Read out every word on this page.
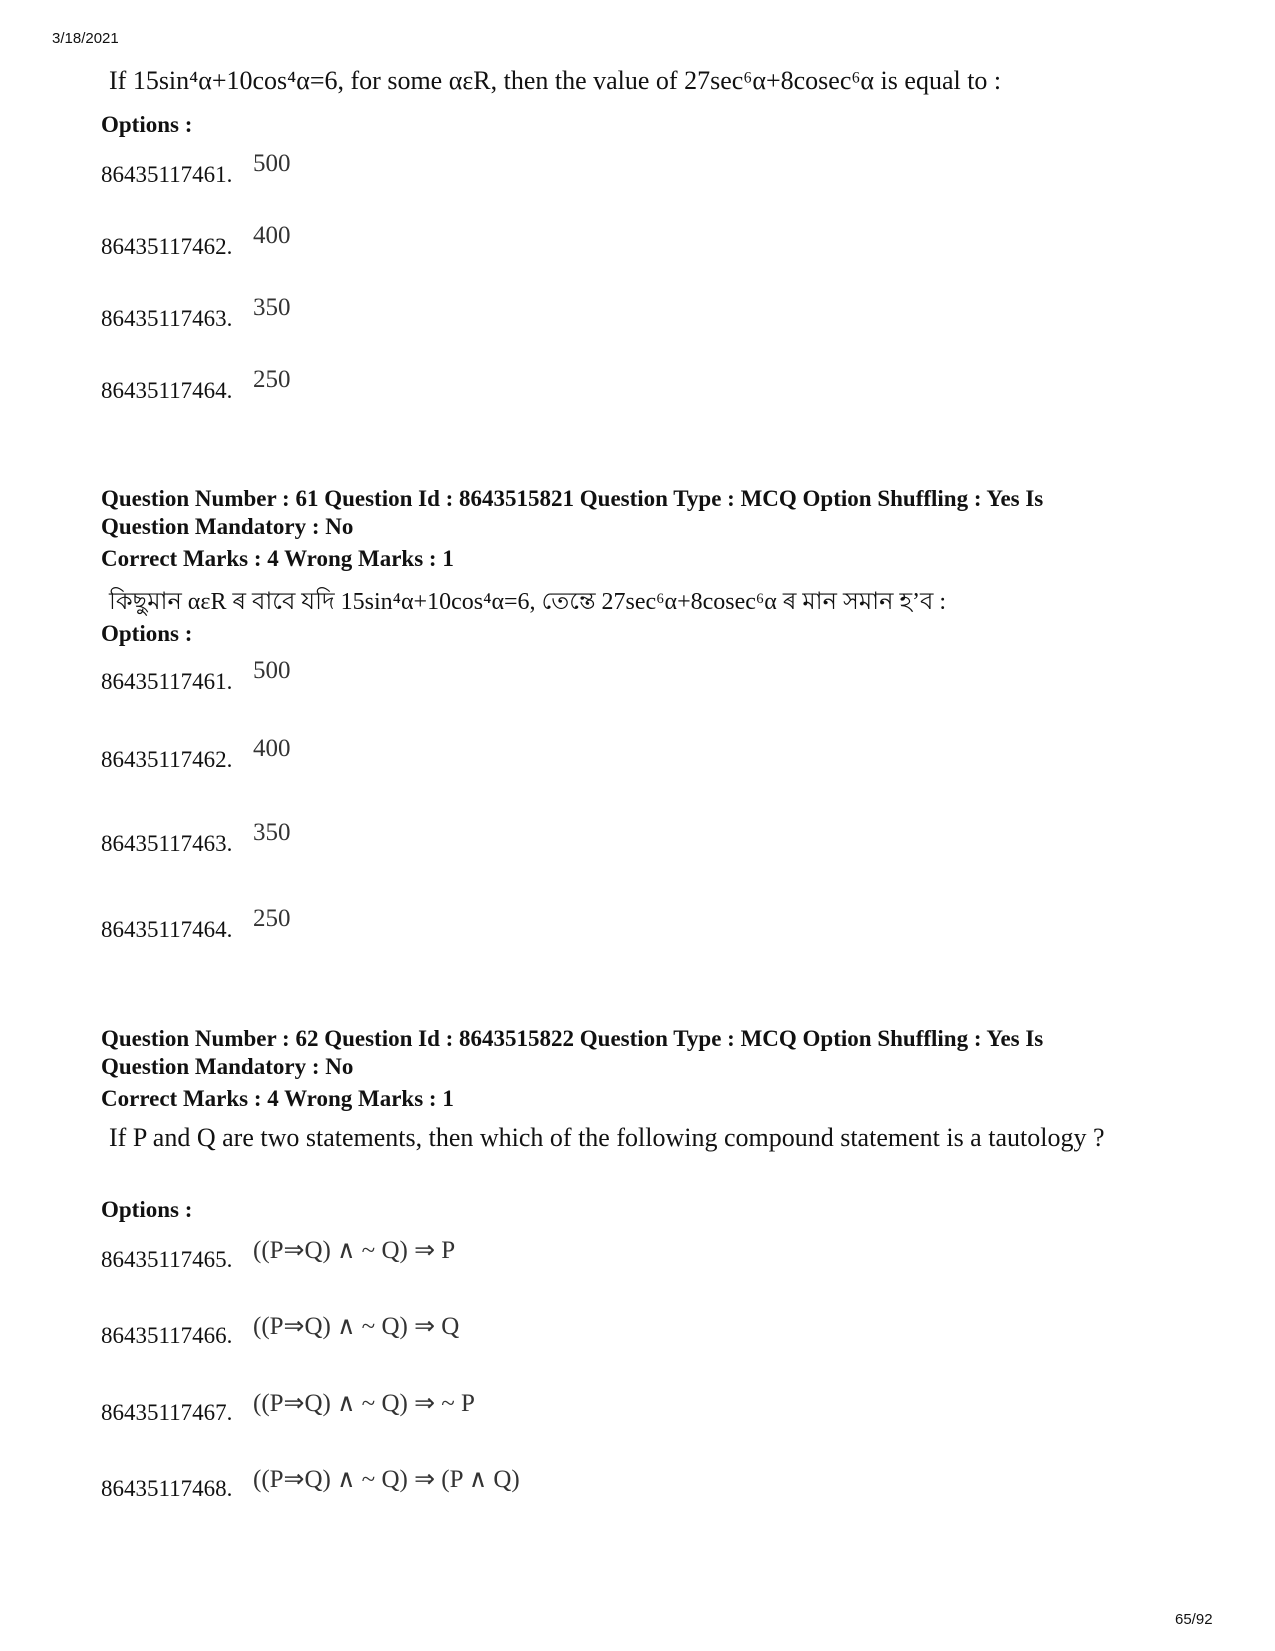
3/18/2021
If 15sin⁴α+10cos⁴α=6, for some αεR, then the value of 27sec⁶α+8cosec⁶α is equal to :
Options :
86435117461. 500
86435117462. 400
86435117463. 350
86435117464. 250
Question Number : 61 Question Id : 8643515821 Question Type : MCQ Option Shuffling : Yes Is
Question Mandatory : No
Correct Marks : 4 Wrong Marks : 1
কিছুমান αεR ৰ বাবে যদি 15sin⁴α+10cos⁴α=6, তেন্তে 27sec⁶α+8cosec⁶α ৰ মান সমান হ’ব :
Options :
86435117461. 500
86435117462. 400
86435117463. 350
86435117464. 250
Question Number : 62 Question Id : 8643515822 Question Type : MCQ Option Shuffling : Yes Is
Question Mandatory : No
Correct Marks : 4 Wrong Marks : 1
If P and Q are two statements, then which of the following compound statement is a tautology ?
Options :
86435117465. ((P⇒Q) ∧ ~ Q) ⇒ P
86435117466. ((P⇒Q) ∧ ~ Q) ⇒ Q
86435117467. ((P⇒Q) ∧ ~ Q) ⇒ ~ P
86435117468. ((P⇒Q) ∧ ~ Q) ⇒ (P ∧ Q)
65/92
